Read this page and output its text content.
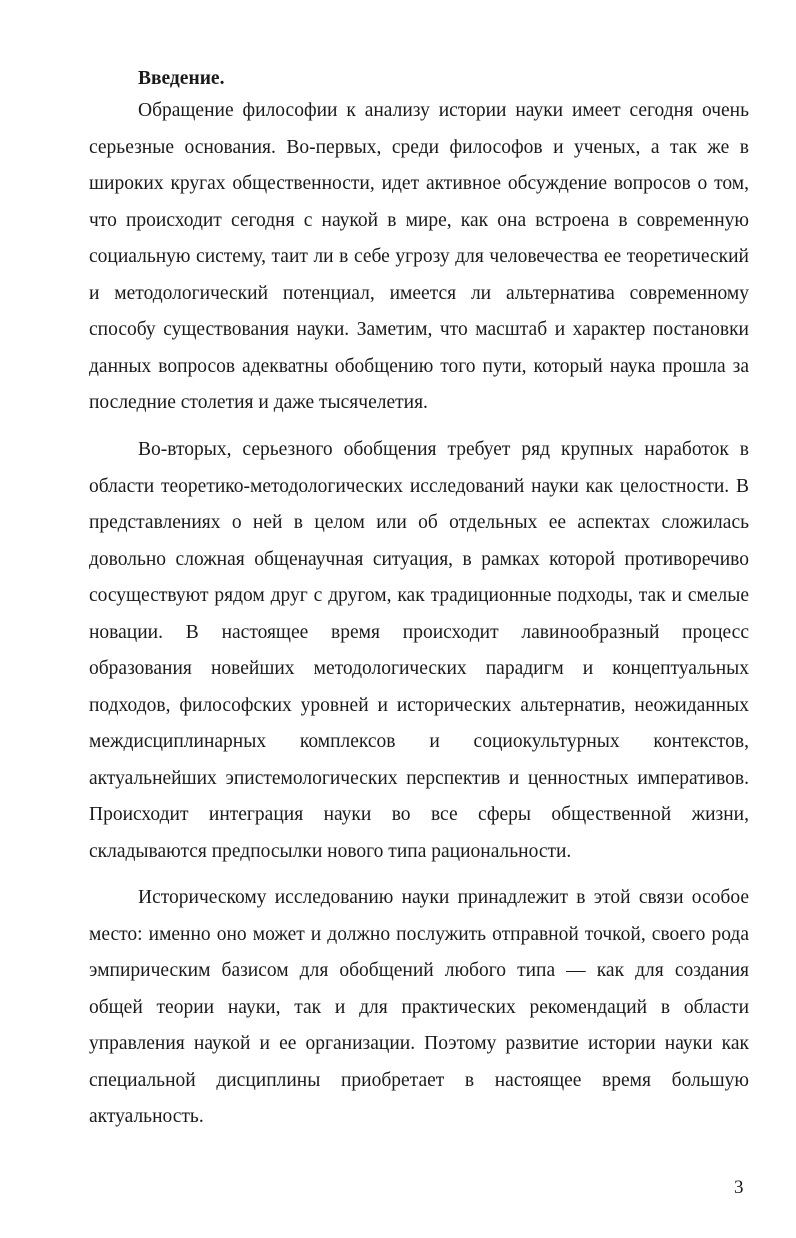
Введение.

Обращение философии к анализу истории науки имеет сегодня очень серьезные основания. Во-первых, среди философов и ученых, а так же в широких кругах общественности, идет активное обсуждение вопросов о том, что происходит сегодня с наукой в мире, как она встроена в современную социальную систему, таит ли в себе угрозу для человечества ее теоретический и методологический потенциал, имеется ли альтернатива современному способу существования науки. Заметим, что масштаб и характер постановки данных вопросов адекватны обобщению того пути, который наука прошла за последние столетия и даже тысячелетия.

Во-вторых, серьезного обобщения требует ряд крупных наработок в области теоретико-методологических исследований науки как целостности. В представлениях о ней в целом или об отдельных ее аспектах сложилась довольно сложная общенаучная ситуация, в рамках которой противоречиво сосуществуют рядом друг с другом, как традиционные подходы, так и смелые новации. В настоящее время происходит лавинообразный процесс образования новейших методологических парадигм и концептуальных подходов, философских уровней и исторических альтернатив, неожиданных междисциплинарных комплексов и социокультурных контекстов, актуальнейших эпистемологических перспектив и ценностных императивов. Происходит интеграция науки во все сферы общественной жизни, складываются предпосылки нового типа рациональности.

Историческому исследованию науки принадлежит в этой связи особое место: именно оно может и должно послужить отправной точкой, своего рода эмпирическим базисом для обобщений любого типа — как для создания общей теории науки, так и для практических рекомендаций в области управления наукой и ее организации. Поэтому развитие истории науки как специальной дисциплины приобретает в настоящее время большую актуальность.

3
